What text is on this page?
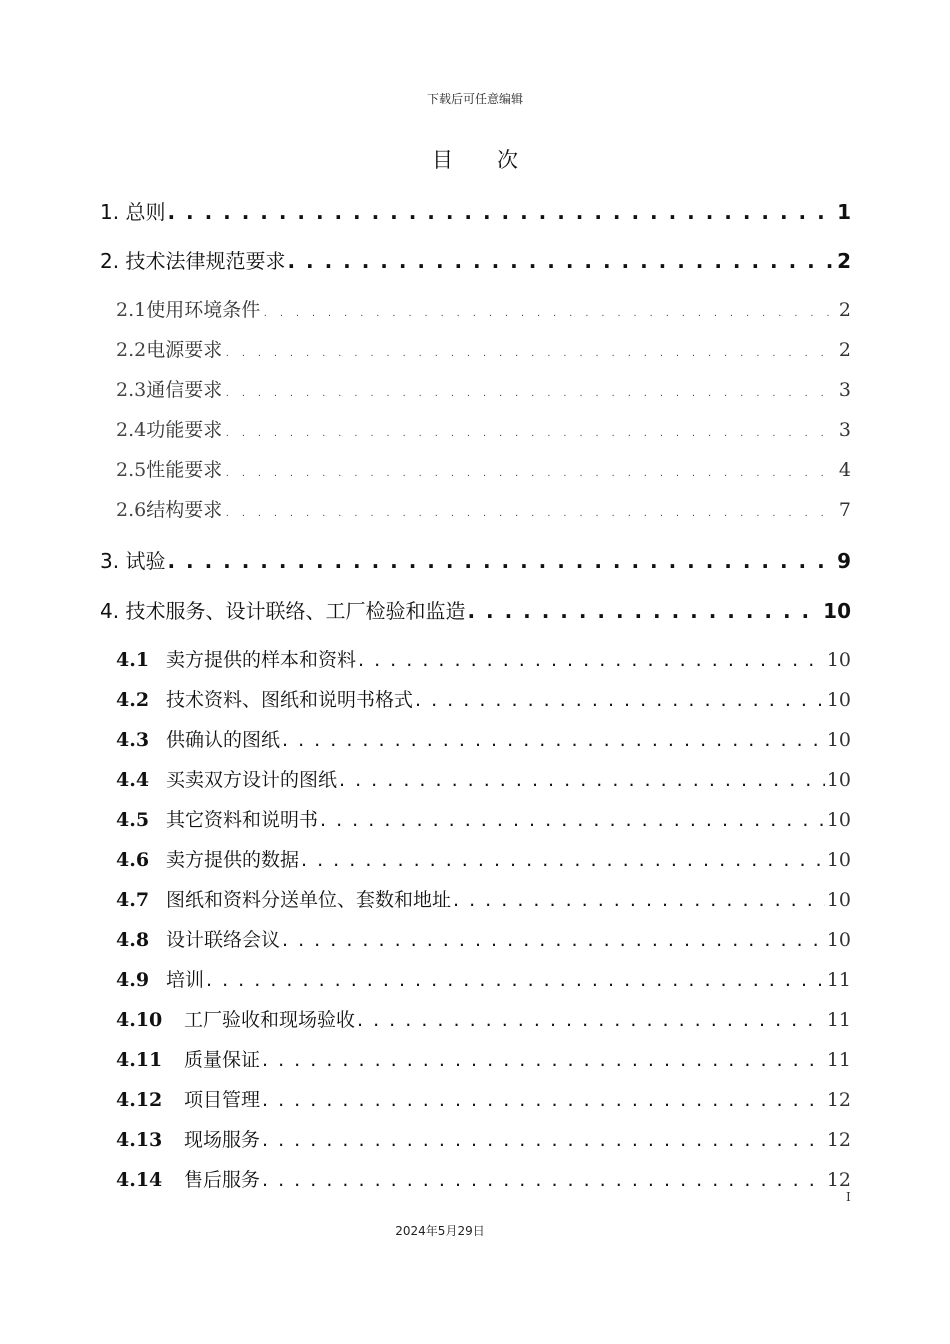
下载后可任意编辑
目次
1. 总则 . . .	1
2. 技术法律规范要求 . . .	2
2.1使用环境条件 . . .	2
2.2电源要求 . . .	2
2.3通信要求 . . .	3
2.4功能要求 . . .	3
2.5性能要求 . . .	4
2.6结构要求 . . .	7
3. 试验 . . .	9
4. 技术服务、设计联络、工厂检验和监造 . . .	10
4.1 卖方提供的样本和资料 . . .	10
4.2 技术资料、图纸和说明书格式 . . .	10
4.3 供确认的图纸 . . .	10
4.4 买卖双方设计的图纸 . . .	10
4.5 其它资料和说明书 . . .	10
4.6 卖方提供的数据 . . .	10
4.7 图纸和资料分送单位、套数和地址 . . .	10
4.8 设计联络会议 . . .	10
4.9 培训 . . .	11
4.10 工厂验收和现场验收 . . .	11
4.11 质量保证 . . .	11
4.12 项目管理 . . .	12
4.13 现场服务 . . .	12
4.14 售后服务 . . .	12
I
2024年5月29日
